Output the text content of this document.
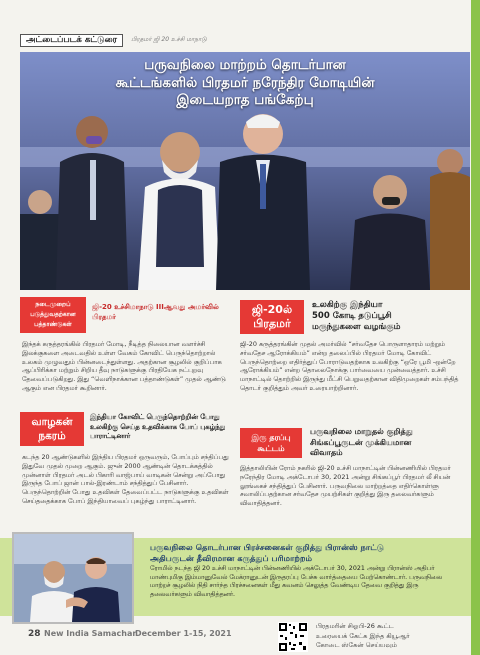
அட்டைப்படக் கட்டுரை	பிரதமர் ஜி 20 உச்சி மாநாடு
பருவநிலை மாற்றம் தொடர்பான
கூட்டங்களில் பிரதமர் நரேந்திர மோடியின்
இடையறாத பங்கேற்பு
நடைமுறைப்
படுத்துவதற்கான
பத்தாண்டுகள்
ஜி-20 உச்சிமாநாடு IIIஆவது அமர்வில் பிரதமர்
இந்தக் கருத்தரங்கில் பிரதமர் மோடி, நீடித்த நிலையான வளர்ச்சி இலக்குகளை அடைவதில் உள்ள வேகம் கோவிட் பெருந்தொற்றால் உலகம் முழுவதும் பின்னடைந்துள்ளது. அதற்கான சூழலில் குறிப்பாக ஆப்பிரிக்கா மற்றும் சிறிய தீவு நாடுகளுக்கு பிரதியேக நட்புறவு தேவைப்படுகிறது. இது “வெளிநாக்கான பத்தாண்டுகள்” முதல் ஆண்டு ஆகும் என பிரதமர் கூறினார்.
ஜி-20ல்
பிரதமர்
உலகிற்கு இந்தியா
500 கோடி தடுப்பூசி
மருந்துகளை வழங்கும்
ஜி-20 கருத்தரங்கின் முதல் அமர்வில் “சர்வதேச பொருளாதாரம் மற்றும் சர்வதேச ஆரோக்கியம்” என்ற தலைப்பில் பிரதமர் மோடி கோவிட் பெருந்தொற்றை எதிர்த்துப் போராடுவதற்காக உலகிற்கு “ஒரே பூமி -ஒன்றே ஆரோக்கியம்” என்ற தொலைநோக்கு பார்வையை முன்வைத்தார். உச்சி மாநாட்டில் தொற்றில் இருந்து மீட்சி பெறுவதற்கான விதிமுறைகள் சம்பந்தித் தொடர் குறித்தும் அவர் உரையாற்றினார்.
வாழகன்
நகரம்
இந்தியா கோவிட் பெருந்தொற்றின் போது உலகிற்கு செய்த உதவிக்காக போப் புகழ்ந்து பாராட்டினார்
கடந்த 20 ஆண்டுகளில் இந்திய பிரதமர் ஒருவரும், போப்பும் சந்திப்பது இதுவே முதல் முறை ஆகும். ஜுன் 2000 ஆண்டின் தொடக்கத்தில் முன்னாள் பிரதமர் அடல் பிகாரி வாஜ்பாய் வாடிகன் சென்று அப்போது இருந்த போப் ஜான் பால்-இரண்டாம் சந்தித்துப் பேசினார். பெருந்தொற்றின் போது உதவிகள் தேவைப்பட்ட நாடுகளுக்கு உதவிகள் செய்ததைக்காக போப் இந்தியாவைப் புகழ்ந்து பாராட்டினார்.
இரு தரப்பு
கூட்டம்
பருவநிலை மாறுதல் குறித்து
சிங்கப்பூருடன் முக்கியமான
விவாதம்
இத்தாலியின் ரோம் நகரில் ஜி-20 உச்சி மாநாட்டின் பின்னணியில் பிரதமர் நரேந்திர மோடி அக்டோபர் 30, 2021 அன்று சிங்கப்பூர் பிரதமர் லீ சியன் லூங்கைச் சந்தித்துப் பேசினார். பருவநிலை மாற்றத்தை எதிர்கொள்ளு சவாலிப்பதற்கான சர்வதேச முயற்சிகள் குறித்து இரு தலைவர்களும் விவாதித்தனர்.
பருவநிலை தொடர்பான பிரச்சனைகள் குறித்து பிரான்ஸ் நாட்டு
அதிபருடன் தீவிரமான கருத்துப் பரிமாற்றம்
ரோமில் நடந்த ஜி 20 உச்சி மாநாட்டின் பின்னணியில் அக்டோபர் 30, 2021 அன்று பிரான்ஸ் அதிபர் மாண்புமிகு இம்மானுவேல் மேக்ரானுடன் இருதரப்பு பேச்சு வார்த்தையை மேற்கொண்டார். பருவநிலை மாற்றச் சூழலில் நிதி சார்ந்த பிரச்சனைகள் மீது கவனம் செலுத்த வேண்டிய தேவை குறித்து இரு தலைவர்களும் விவாதித்தனர்.
28 New India Samachar
December 1-15, 2021
பிரதமரின் சிஓபி-26 கூட்ட
உரையைக் கேட்க இந்த கியூஆர்
கோடை ஸ்கேன் செய்யவும்
